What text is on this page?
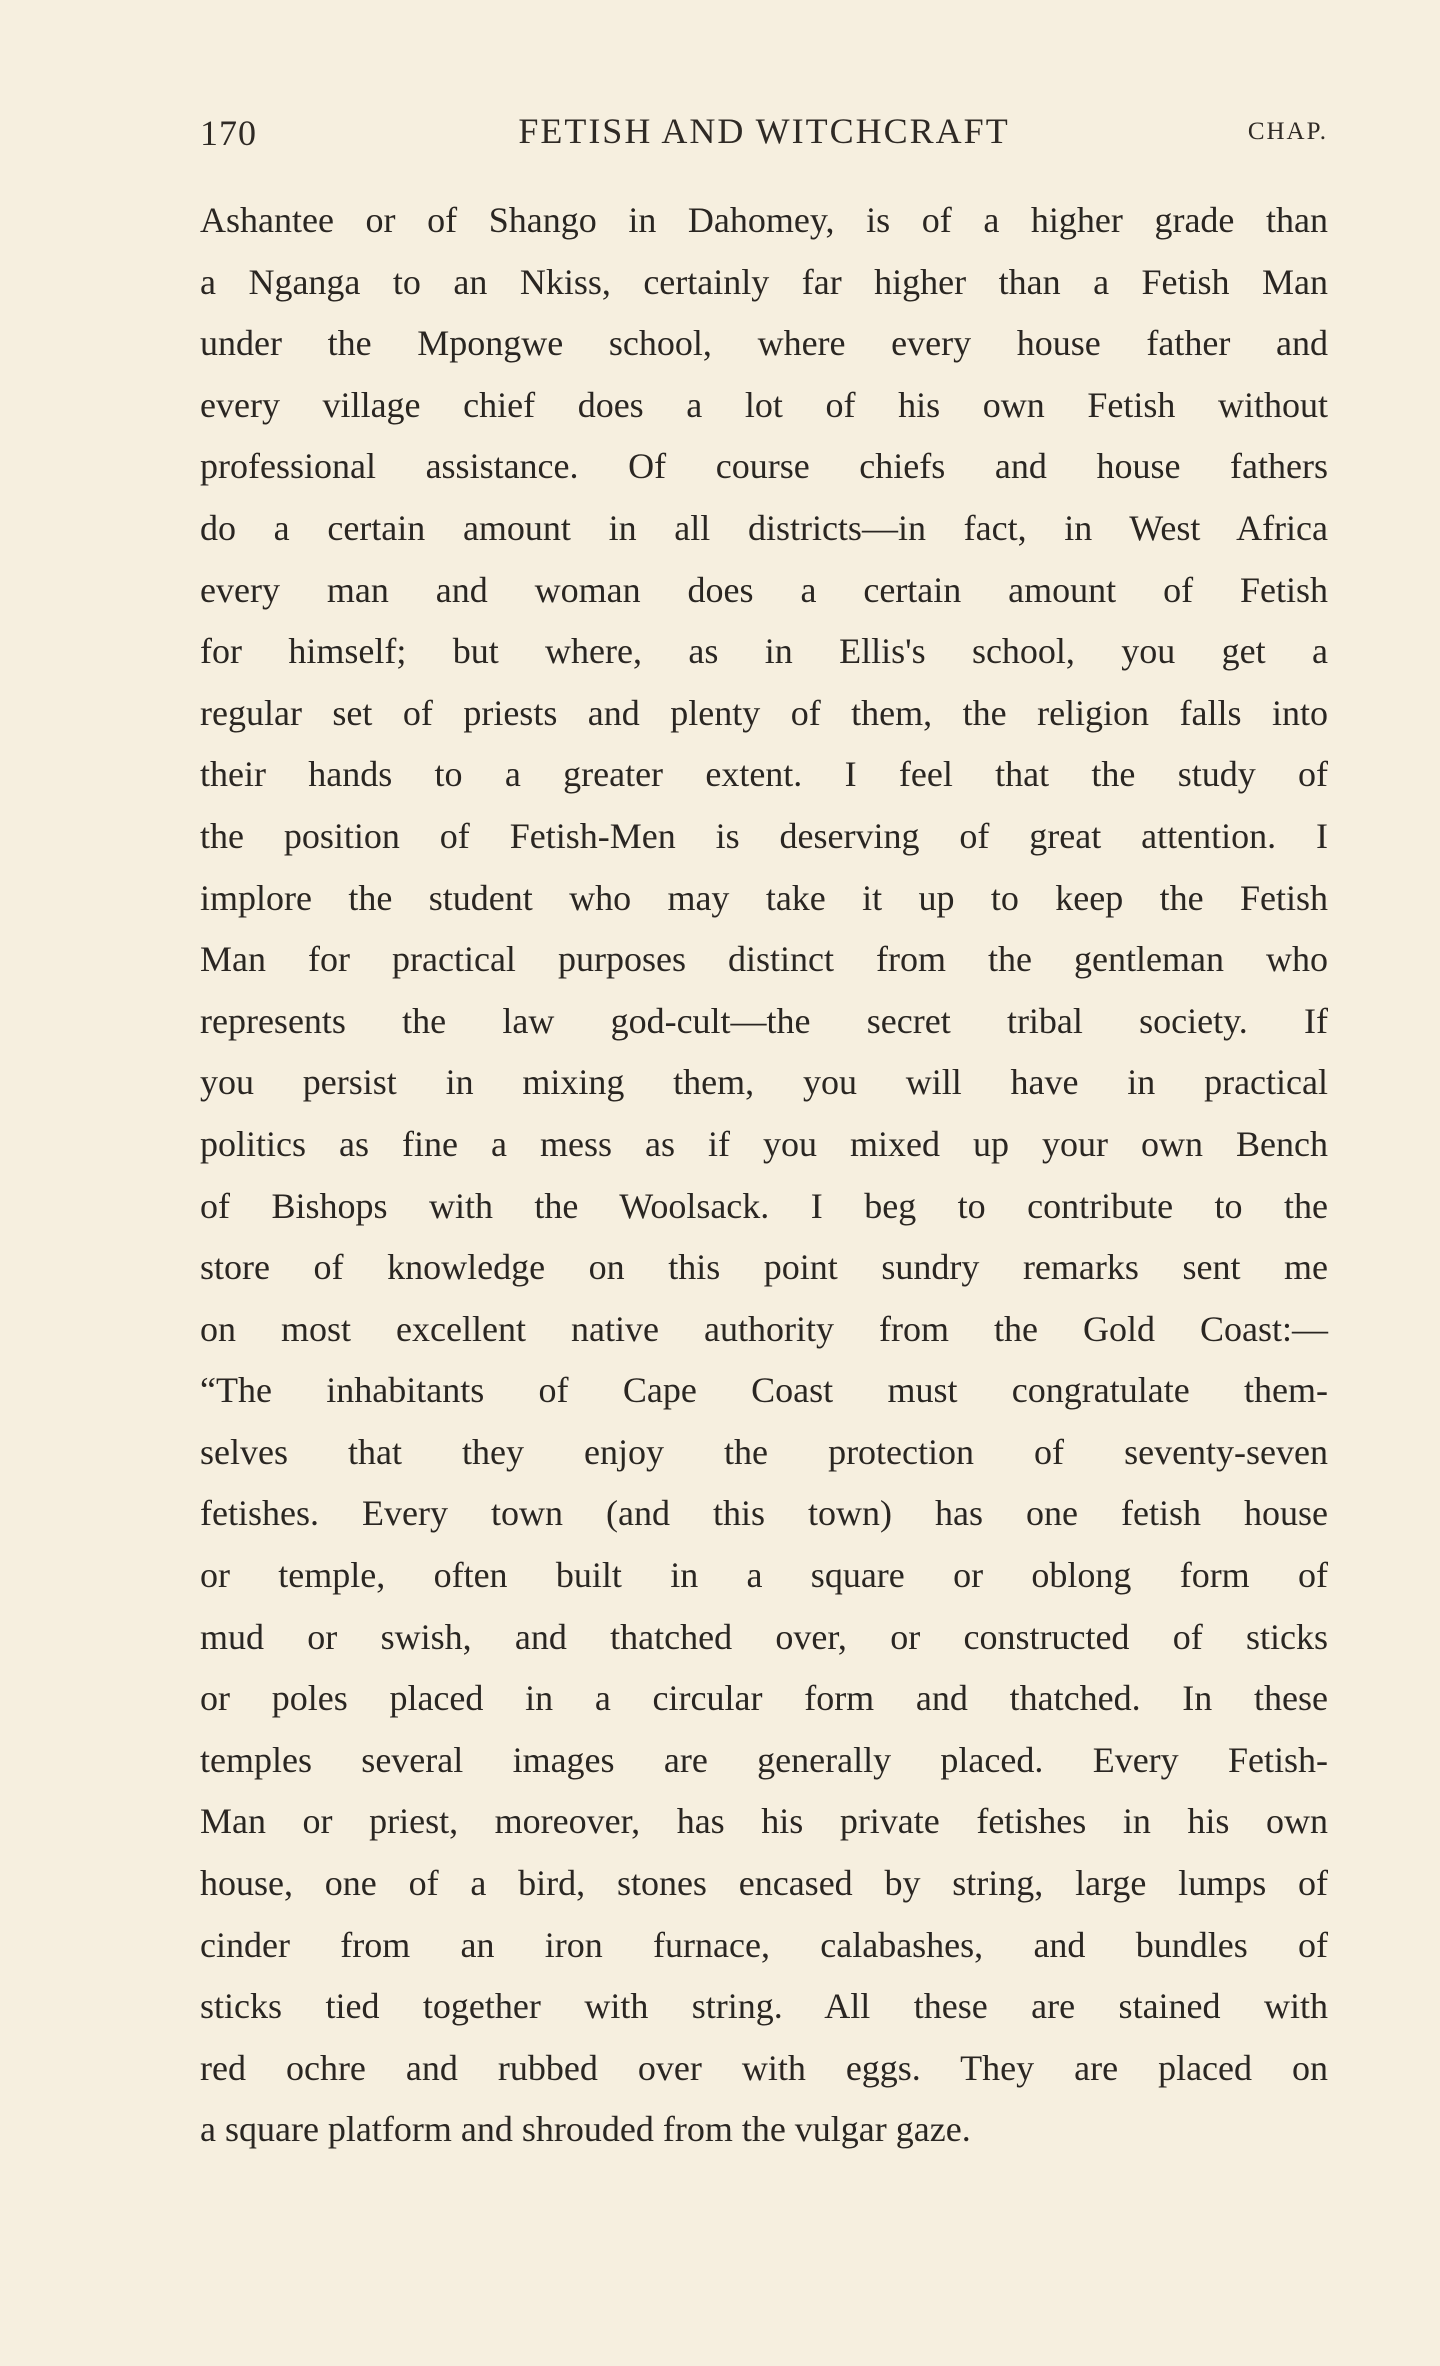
170	FETISH AND WITCHCRAFT	CHAP.
Ashantee or of Shango in Dahomey, is of a higher grade than
a Nganga to an Nkiss, certainly far higher than a Fetish Man
under the Mpongwe school, where every house father and
every village chief does a lot of his own Fetish without
professional assistance. Of course chiefs and house fathers
do a certain amount in all districts—in fact, in West Africa
every man and woman does a certain amount of Fetish
for himself; but where, as in Ellis's school, you get a
regular set of priests and plenty of them, the religion falls into
their hands to a greater extent. I feel that the study of
the position of Fetish-Men is deserving of great attention. I
implore the student who may take it up to keep the Fetish
Man for practical purposes distinct from the gentleman who
represents the law god-cult—the secret tribal society. If
you persist in mixing them, you will have in practical
politics as fine a mess as if you mixed up your own Bench
of Bishops with the Woolsack. I beg to contribute to the
store of knowledge on this point sundry remarks sent me
on most excellent native authority from the Gold Coast:—
“The inhabitants of Cape Coast must congratulate them-
selves that they enjoy the protection of seventy-seven
fetishes. Every town (and this town) has one fetish house
or temple, often built in a square or oblong form of
mud or swish, and thatched over, or constructed of sticks
or poles placed in a circular form and thatched. In these
temples several images are generally placed. Every Fetish-
Man or priest, moreover, has his private fetishes in his own
house, one of a bird, stones encased by string, large lumps of
cinder from an iron furnace, calabashes, and bundles of
sticks tied together with string. All these are stained with
red ochre and rubbed over with eggs. They are placed on
a square platform and shrouded from the vulgar gaze.
